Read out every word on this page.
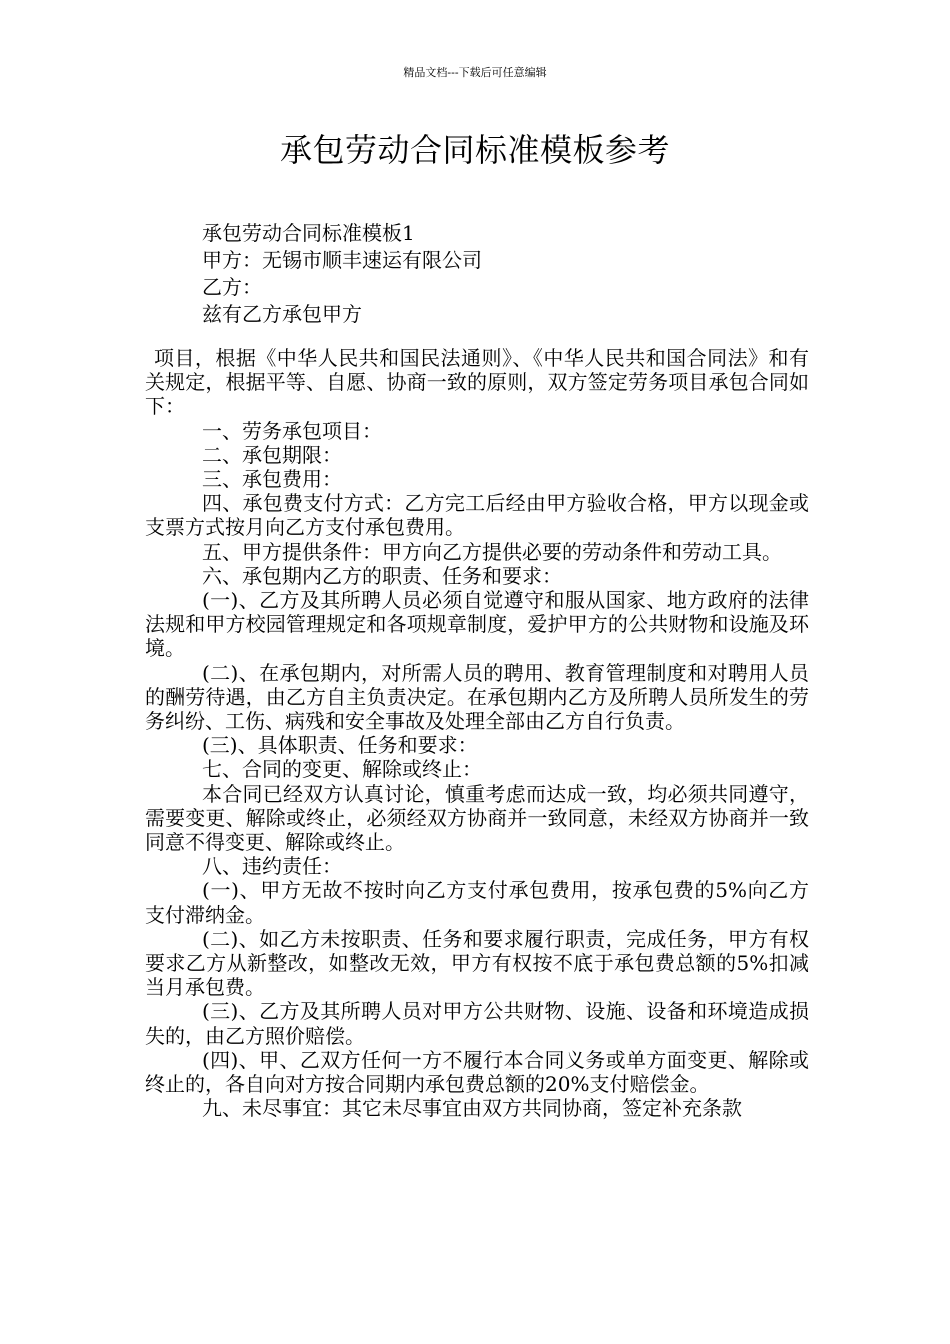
精品文档---下载后可任意编辑
承包劳动合同标准模板参考
承包劳动合同标准模板1
甲方：无锡市顺丰速运有限公司
乙方：
兹有乙方承包甲方

项目，根据《中华人民共和国民法通则》、《中华人民共和国合同法》和有关规定，根据平等、自愿、协商一致的原则，双方签定劳务项目承包合同如下：

一、劳务承包项目：

二、承包期限：

三、承包费用：

四、承包费支付方式：乙方完工后经由甲方验收合格，甲方以现金或支票方式按月向乙方支付承包费用。

五、甲方提供条件：甲方向乙方提供必要的劳动条件和劳动工具。

六、承包期内乙方的职责、任务和要求：

(一)、乙方及其所聘人员必须自觉遵守和服从国家、地方政府的法律法规和甲方校园管理规定和各项规章制度，爱护甲方的公共财物和设施及环境。

(二)、在承包期内，对所需人员的聘用、教育管理制度和对聘用人员的酬劳待遇，由乙方自主负责决定。在承包期内乙方及所聘人员所发生的劳务纠纷、工伤、病残和安全事故及处理全部由乙方自行负责。

(三)、具体职责、任务和要求：

七、合同的变更、解除或终止：

本合同已经双方认真讨论，慎重考虑而达成一致，均必须共同遵守，需要变更、解除或终止，必须经双方协商并一致同意，未经双方协商并一致同意不得变更、解除或终止。

八、违约责任：

(一)、甲方无故不按时向乙方支付承包费用，按承包费的5%向乙方支付滞纳金。

(二)、如乙方未按职责、任务和要求履行职责，完成任务，甲方有权要求乙方从新整改，如整改无效，甲方有权按不底于承包费总额的5%扣减当月承包费。

(三)、乙方及其所聘人员对甲方公共财物、设施、设备和环境造成损失的，由乙方照价赔偿。

(四)、甲、乙双方任何一方不履行本合同义务或单方面变更、解除或终止的，各自向对方按合同期内承包费总额的20%支付赔偿金。

九、未尽事宜：其它未尽事宜由双方共同协商，签定补充条款
